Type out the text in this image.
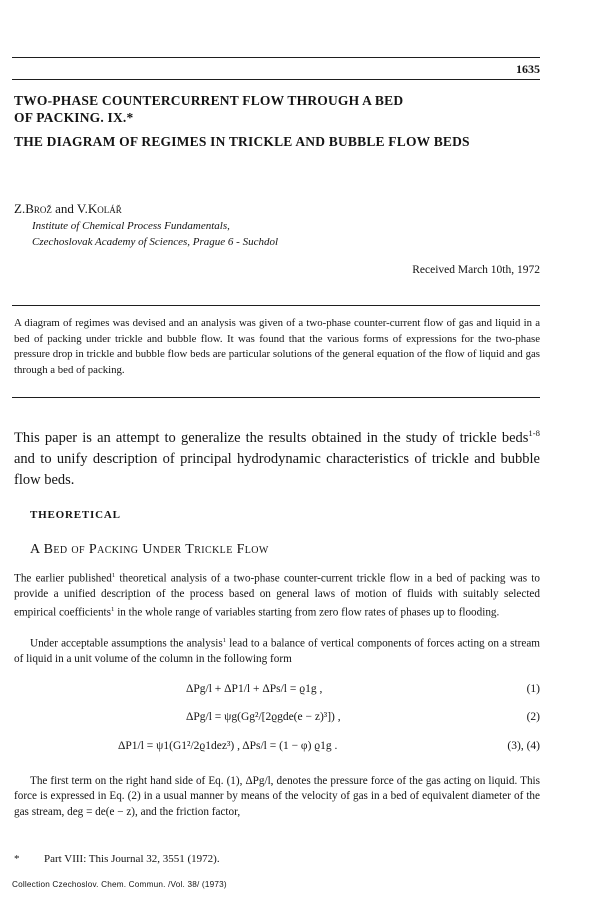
1635
TWO-PHASE COUNTERCURRENT FLOW THROUGH A BED
OF PACKING. IX.*
THE DIAGRAM OF REGIMES IN TRICKLE AND BUBBLE FLOW BEDS
Z.Brož and V.Kolář
Institute of Chemical Process Fundamentals,
Czechoslovak Academy of Sciences, Prague 6 - Suchdol
Received March 10th, 1972
A diagram of regimes was devised and an analysis was given of a two-phase counter-current flow of gas and liquid in a bed of packing under trickle and bubble flow. It was found that the various forms of expressions for the two-phase pressure drop in trickle and bubble flow beds are particular solutions of the general equation of the flow of liquid and gas through a bed of packing.
This paper is an attempt to generalize the results obtained in the study of trickle beds$^{1-8}$ and to unify description of principal hydrodynamic characteristics of trickle and bubble flow beds.
THEORETICAL
A Bed of Packing Under Trickle Flow
The earlier published$^1$ theoretical analysis of a two-phase counter-current trickle flow in a bed of packing was to provide a unified description of the process based on general laws of motion of fluids with suitably selected empirical coefficients$^1$ in the whole range of variables starting from zero flow rates of phases up to flooding.
Under acceptable assumptions the analysis$^1$ lead to a balance of vertical components of forces acting on a stream of liquid in a unit volume of the column in the following form
ΔPg/l + ΔP1/l + ΔPs/l = ϱ1g ,	(1)
ΔPg/l = ψg(Gg²/[2ϱgde(e − z)³]) ,	(2)
ΔP1/l = ψ1(G1²/2ϱ1dez³) , ΔPs/l = (1 − φ) ϱ1g .	(3), (4)
The first term on the right hand side of Eq. (1), ΔPg/l, denotes the pressure force of the gas acting on liquid. This force is expressed in Eq. (2) in a usual manner by means of the velocity of gas in a bed of equivalent diameter of the gas stream, deg = de(e − z), and the friction factor,
* Part VIII: This Journal 32, 3551 (1972).
Collection Czechoslov. Chem. Commun. /Vol. 38/ (1973)
